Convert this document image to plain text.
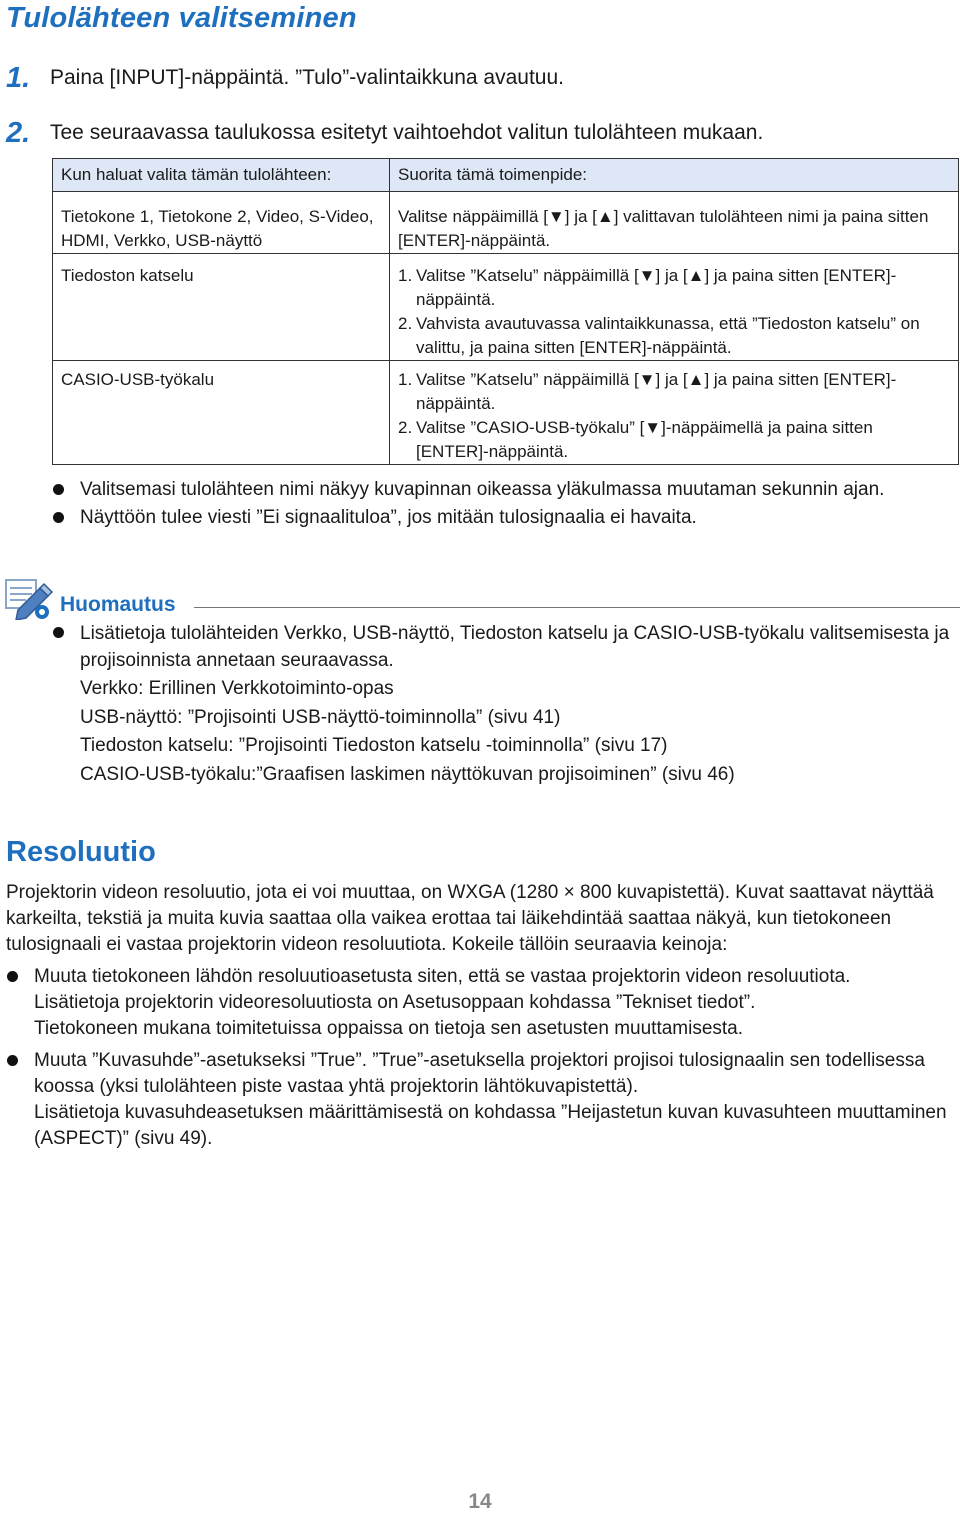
Tulolähteen valitseminen
1. Paina [INPUT]-näppäintä. ”Tulo”-valintaikkuna avautuu.
2. Tee seuraavassa taulukossa esitetyt vaihtoehdot valitun tulolähteen mukaan.
Kun haluat valita tämän tulolähteen:	Suorita tämä toimenpide:
Tietokone 1, Tietokone 2, Video, S-Video, HDMI, Verkko, USB-näyttö	Valitse näppäimillä [▼] ja [▲] valittavan tulolähteen nimi ja paina sitten [ENTER]-näppäintä.
Tiedoston katselu	1. Valitse ”Katselu” näppäimillä [▼] ja [▲] ja paina sitten [ENTER]-näppäintä.
2. Vahvista avautuvassa valintaikkunassa, että ”Tiedoston katselu” on valittu, ja paina sitten [ENTER]-näppäintä.

CASIO-USB-työkalu	1. Valitse ”Katselu” näppäimillä [▼] ja [▲] ja paina sitten [ENTER]-näppäintä.
2. Valitse ”CASIO-USB-työkalu” [▼]-näppäimellä ja paina sitten [ENTER]-näppäintä.
Valitsemasi tulolähteen nimi näkyy kuvapinnan oikeassa yläkulmassa muutaman sekunnin ajan.
Näyttöön tulee viesti ”Ei signaalituloa”, jos mitään tulosignaalia ei havaita.
Huomautus
Lisätietoja tulolähteiden Verkko, USB-näyttö, Tiedoston katselu ja CASIO-USB-työkalu valitsemisesta ja projisoinnista annetaan seuraavassa.
Verkko: Erillinen Verkkotoiminto-opas
USB-näyttö: ”Projisointi USB-näyttö-toiminnolla” (sivu 41)
Tiedoston katselu: ”Projisointi Tiedoston katselu -toiminnolla” (sivu 17)
CASIO-USB-työkalu:”Graafisen laskimen näyttökuvan projisoiminen” (sivu 46)
Resoluutio
Projektorin videon resoluutio, jota ei voi muuttaa, on WXGA (1280 × 800 kuvapistettä). Kuvat saattavat näyttää karkeilta, tekstiä ja muita kuvia saattaa olla vaikea erottaa tai läikehdintää saattaa näkyä, kun tietokoneen tulosignaali ei vastaa projektorin videon resoluutiota. Kokeile tällöin seuraavia keinoja:
Muuta tietokoneen lähdön resoluutioasetusta siten, että se vastaa projektorin videon resoluutiota.
Lisätietoja projektorin videoresoluutiosta on Asetusoppaan kohdassa ”Tekniset tiedot”.
Tietokoneen mukana toimitetuissa oppaissa on tietoja sen asetusten muuttamisesta.
Muuta ”Kuvasuhde”-asetukseksi ”True”. ”True”-asetuksella projektori projisoi tulosignaalin sen todellisessa koossa (yksi tulolähteen piste vastaa yhtä projektorin lähtökuvapistettä).
Lisätietoja kuvasuhdeasetuksen määrittämisestä on kohdassa ”Heijastetun kuvan kuvasuhteen muuttaminen (ASPECT)” (sivu 49).
14
